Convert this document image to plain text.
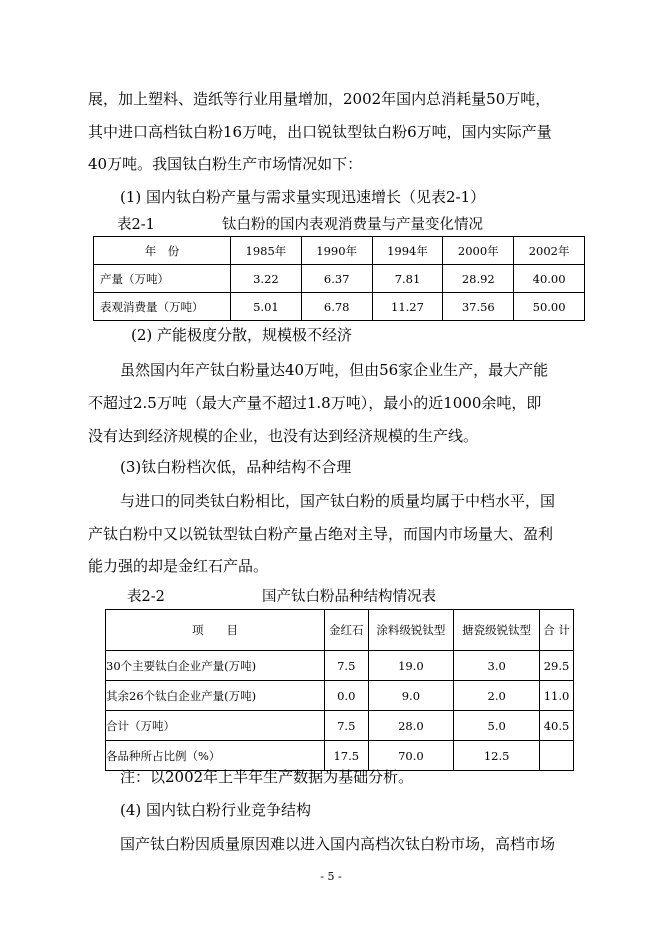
展，加上塑料、造纸等行业用量增加，2002年国内总消耗量50万吨，
其中进口高档钛白粉16万吨，出口锐钛型钛白粉6万吨，国内实际产量
40万吨。我国钛白粉生产市场情况如下：
(1) 国内钛白粉产量与需求量实现迅速增长（见表2-1）
表2-1	钛白粉的国内表观消费量与产量变化情况
年　份	1985年	1990年	1994年	2000年	2002年
产量（万吨）	3.22	6.37	7.81	28.92	40.00
表观消费量（万吨）	5.01	6.78	11.27	37.56	50.00
(2) 产能极度分散，规模极不经济
虽然国内年产钛白粉量达40万吨，但由56家企业生产，最大产能
不超过2.5万吨（最大产量不超过1.8万吨），最小的近1000余吨，即
没有达到经济规模的企业，也没有达到经济规模的生产线。
(3)钛白粉档次低，品种结构不合理
与进口的同类钛白粉相比，国产钛白粉的质量均属于中档水平，国
产钛白粉中又以锐钛型钛白粉产量占绝对主导，而国内市场量大、盈利
能力强的却是金红石产品。
表2-2	国产钛白粉品种结构情况表
项　　目	金红石	涂料级锐钛型	搪瓷级锐钛型	合 计
30个主要钛白企业产量(万吨)	7.5	19.0	3.0	29.5
其余26个钛白企业产量(万吨)	0.0	9.0	2.0	11.0
合计（万吨）	7.5	28.0	5.0	40.5
各品种所占比例（%）	17.5	70.0	12.5	
注：以2002年上半年生产数据为基础分析。
(4) 国内钛白粉行业竞争结构
国产钛白粉因质量原因难以进入国内高档次钛白粉市场，高档市场
- 5 -
